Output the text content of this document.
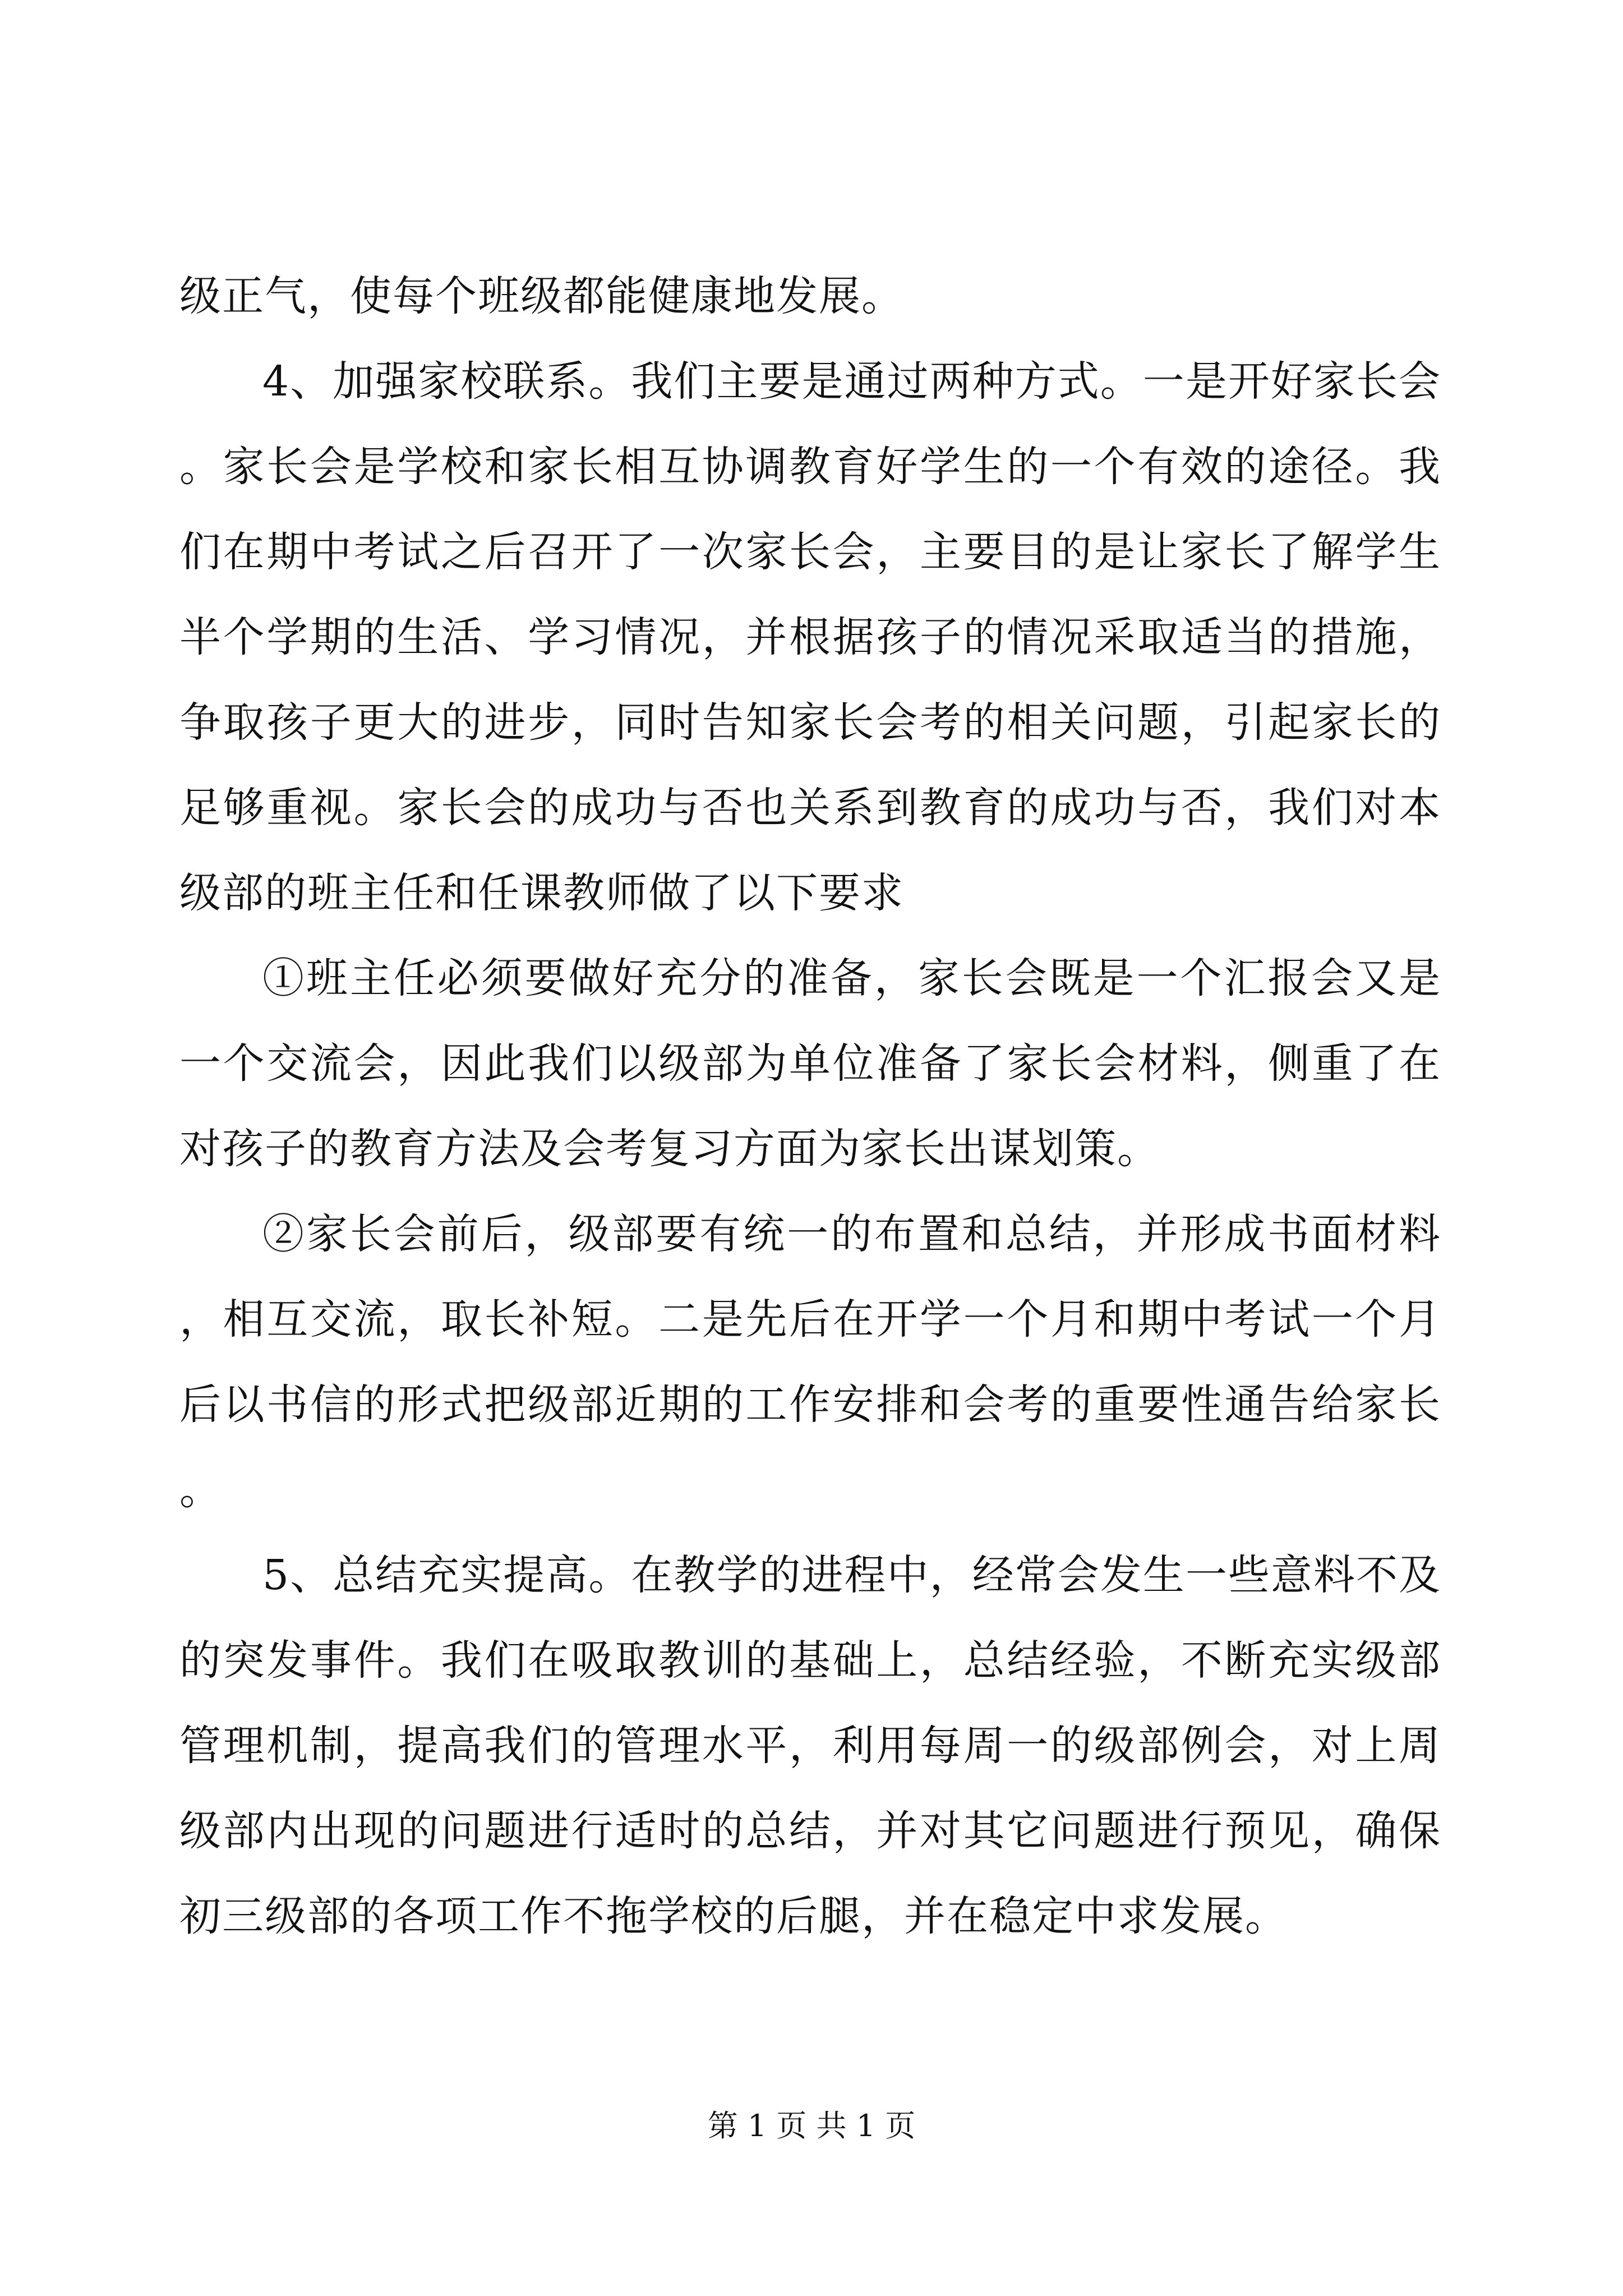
级正气，使每个班级都能健康地发展。

4、加强家校联系。我们主要是通过两种方式。一是开好家长会。家长会是学校和家长相互协调教育好学生的一个有效的途径。我们在期中考试之后召开了一次家长会，主要目的是让家长了解学生半个学期的生活、学习情况，并根据孩子的情况采取适当的措施，争取孩子更大的进步，同时告知家长会考的相关问题，引起家长的足够重视。家长会的成功与否也关系到教育的成功与否，我们对本级部的班主任和任课教师做了以下要求

①班主任必须要做好充分的准备，家长会既是一个汇报会又是一个交流会，因此我们以级部为单位准备了家长会材料，侧重了在对孩子的教育方法及会考复习方面为家长出谋划策。

②家长会前后，级部要有统一的布置和总结，并形成书面材料，相互交流，取长补短。二是先后在开学一个月和期中考试一个月后以书信的形式把级部近期的工作安排和会考的重要性通告给家长。

5、总结充实提高。在教学的进程中，经常会发生一些意料不及的突发事件。我们在吸取教训的基础上，总结经验，不断充实级部管理机制，提高我们的管理水平，利用每周一的级部例会，对上周级部内出现的问题进行适时的总结，并对其它问题进行预见，确保初三级部的各项工作不拖学校的后腿，并在稳定中求发展。

第 1 页 共 1 页
